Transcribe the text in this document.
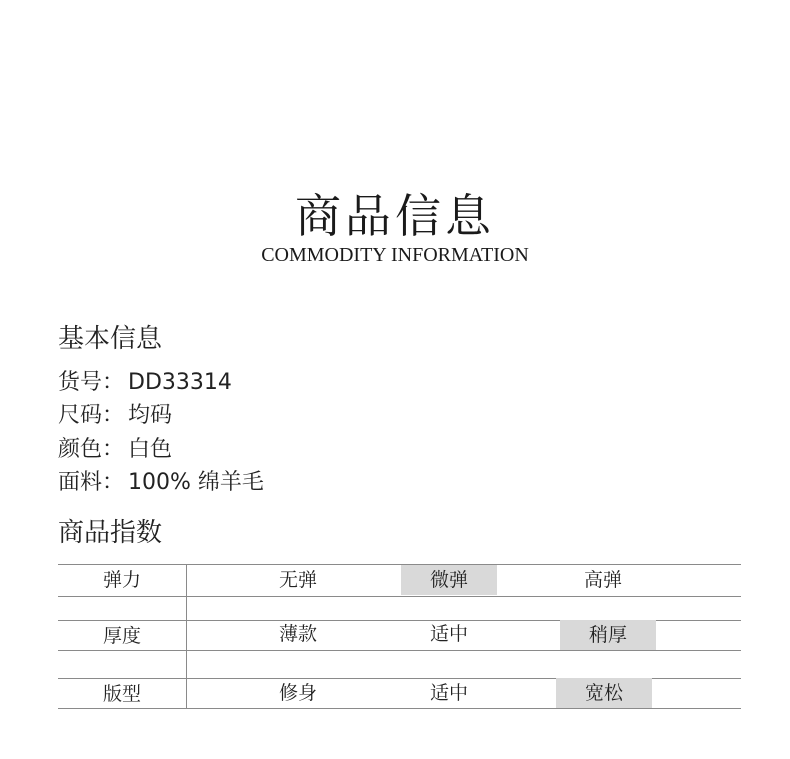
商品信息
COMMODITY INFORMATION
基本信息
货号： DD33314
尺码： 均码
颜色： 白色
面料： 100% 绵羊毛
商品指数
弹力	无弹	微弹	高弹
厚度	薄款	适中	稍厚
版型	修身	适中	宽松
